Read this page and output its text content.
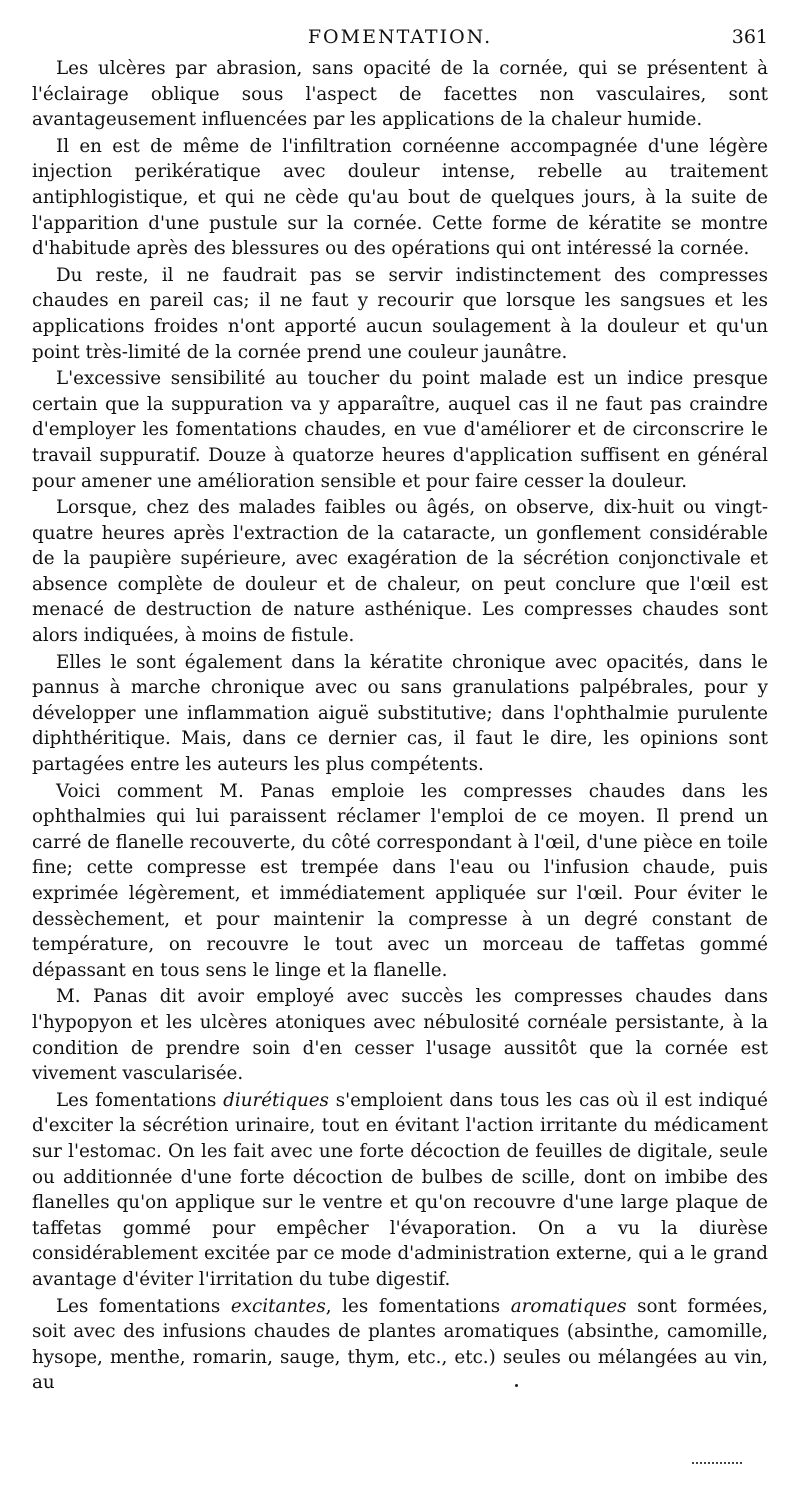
FOMENTATION.	361

Les ulcères par abrasion, sans opacité de la cornée, qui se présentent à l'éclairage oblique sous l'aspect de facettes non vasculaires, sont avantageusement influencées par les applications de la chaleur humide.

Il en est de même de l'infiltration cornéenne accompagnée d'une légère injection perikératique avec douleur intense, rebelle au traitement antiphlogistique, et qui ne cède qu'au bout de quelques jours, à la suite de l'apparition d'une pustule sur la cornée. Cette forme de kératite se montre d'habitude après des blessures ou des opérations qui ont intéressé la cornée.

Du reste, il ne faudrait pas se servir indistinctement des compresses chaudes en pareil cas; il ne faut y recourir que lorsque les sangsues et les applications froides n'ont apporté aucun soulagement à la douleur et qu'un point très-limité de la cornée prend une couleur jaunâtre.

L'excessive sensibilité au toucher du point malade est un indice presque certain que la suppuration va y apparaître, auquel cas il ne faut pas craindre d'employer les fomentations chaudes, en vue d'améliorer et de circonscrire le travail suppuratif. Douze à quatorze heures d'application suffisent en général pour amener une amélioration sensible et pour faire cesser la douleur.

Lorsque, chez des malades faibles ou âgés, on observe, dix-huit ou vingt-quatre heures après l'extraction de la cataracte, un gonflement considérable de la paupière supérieure, avec exagération de la sécrétion conjonctivale et absence complète de douleur et de chaleur, on peut conclure que l'œil est menacé de destruction de nature asthénique. Les compresses chaudes sont alors indiquées, à moins de fistule.

Elles le sont également dans la kératite chronique avec opacités, dans le pannus à marche chronique avec ou sans granulations palpébrales, pour y développer une inflammation aiguë substitutive; dans l'ophthalmie purulente diphthéritique. Mais, dans ce dernier cas, il faut le dire, les opinions sont partagées entre les auteurs les plus compétents.

Voici comment M. Panas emploie les compresses chaudes dans les ophthalmies qui lui paraissent réclamer l'emploi de ce moyen. Il prend un carré de flanelle recouverte, du côté correspondant à l'œil, d'une pièce en toile fine; cette compresse est trempée dans l'eau ou l'infusion chaude, puis exprimée légèrement, et immédiatement appliquée sur l'œil. Pour éviter le dessèchement, et pour maintenir la compresse à un degré constant de température, on recouvre le tout avec un morceau de taffetas gommé dépassant en tous sens le linge et la flanelle.

M. Panas dit avoir employé avec succès les compresses chaudes dans l'hypopyon et les ulcères atoniques avec nébulosité cornéale persistante, à la condition de prendre soin d'en cesser l'usage aussitôt que la cornée est vivement vascularisée.

Les fomentations diurétiques s'emploient dans tous les cas où il est indiqué d'exciter la sécrétion urinaire, tout en évitant l'action irritante du médicament sur l'estomac. On les fait avec une forte décoction de feuilles de digitale, seule ou additionnée d'une forte décoction de bulbes de scille, dont on imbibe des flanelles qu'on applique sur le ventre et qu'on recouvre d'une large plaque de taffetas gommé pour empêcher l'évaporation. On a vu la diurèse considérablement excitée par ce mode d'administration externe, qui a le grand avantage d'éviter l'irritation du tube digestif.

Les fomentations excitantes, les fomentations aromatiques sont formées, soit avec des infusions chaudes de plantes aromatiques (absinthe, camomille, hysope, menthe, romarin, sauge, thym, etc., etc.) seules ou mélangées au vin, au
